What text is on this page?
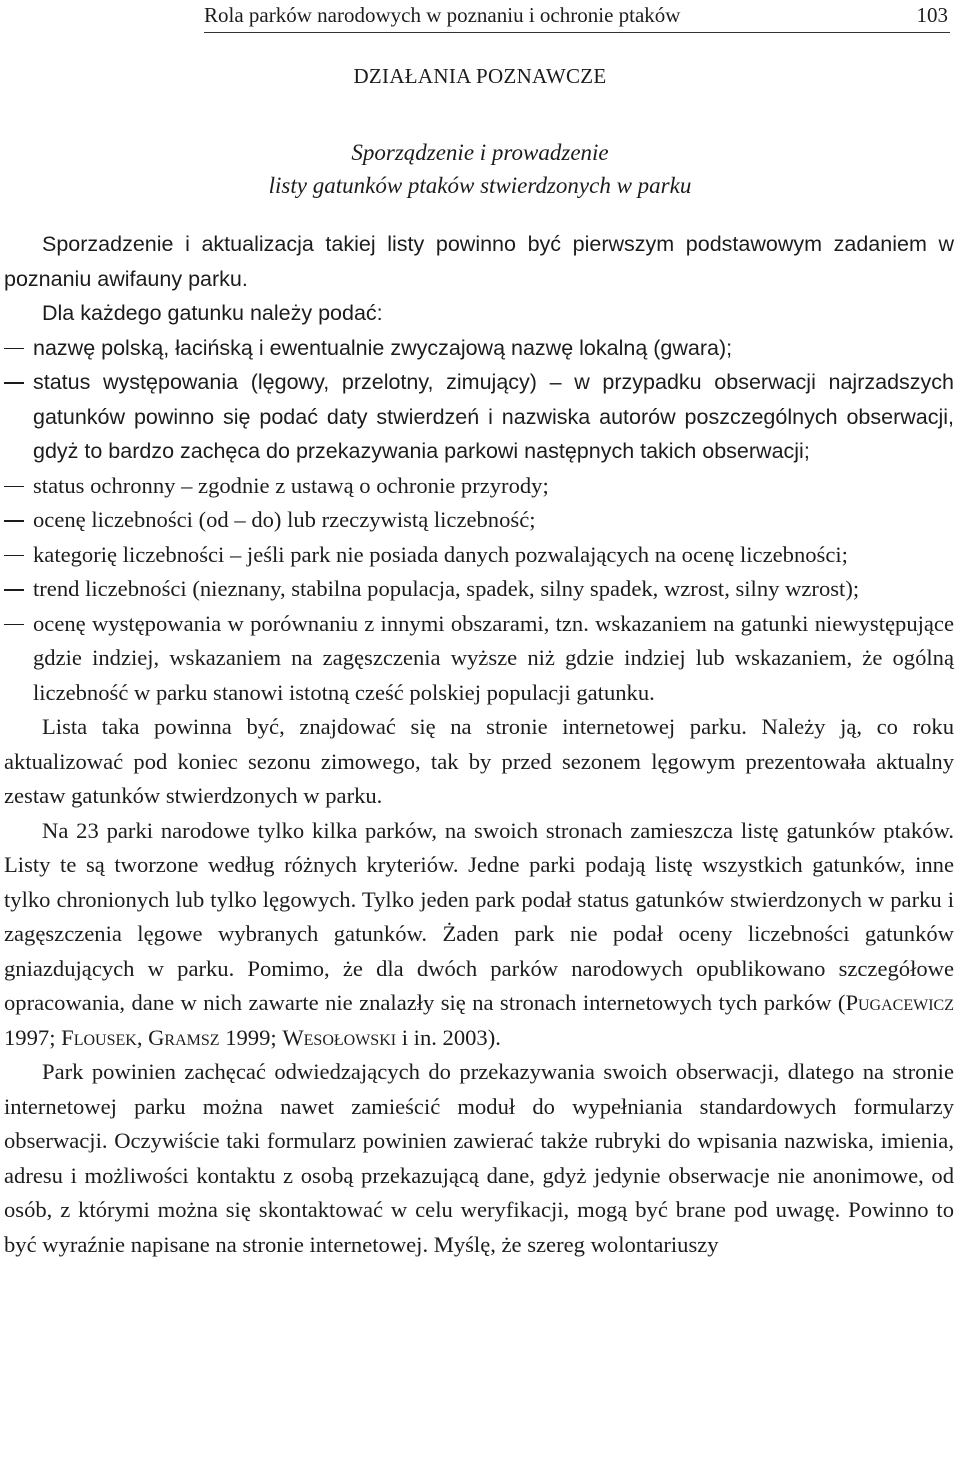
Rola parków narodowych w poznaniu i ochronie ptaków	103
DZIAŁANIA POZNAWCZE
Sporządzenie i prowadzenie
listy gatunków ptaków stwierdzonych w parku

Sporzadzenie i aktualizacja takiej listy powinno być pierwszym podstawowym zadaniem w poznaniu awifauny parku.

Dla każdego gatunku należy podać:

nazwę polską, łacińską i ewentualnie zwyczajową nazwę lokalną (gwara);
status występowania (lęgowy, przelotny, zimujący) – w przypadku obserwacji najrzadszych gatunków powinno się podać daty stwierdzeń i nazwiska autorów poszczególnych obserwacji, gdyż to bardzo zachęca do przekazywania parkowi następnych takich obserwacji;
status ochronny – zgodnie z ustawą o ochronie przyrody;
ocenę liczebności (od – do) lub rzeczywistą liczebność;
kategorię liczebności – jeśli park nie posiada danych pozwalających na ocenę liczebności;
trend liczebności (nieznany, stabilna populacja, spadek, silny spadek, wzrost, silny wzrost);
ocenę występowania w porównaniu z innymi obszarami, tzn. wskazaniem na gatunki niewystępujące gdzie indziej, wskazaniem na zagęszczenia wyższe niż gdzie indziej lub wskazaniem, że ogólną liczebność w parku stanowi istotną cześć polskiej populacji gatunku.

Lista taka powinna być, znajdować się na stronie internetowej parku. Należy ją, co roku aktualizować pod koniec sezonu zimowego, tak by przed sezonem lęgowym prezentowała aktualny zestaw gatunków stwierdzonych w parku.

Na 23 parki narodowe tylko kilka parków, na swoich stronach zamieszcza listę gatunków ptaków. Listy te są tworzone według różnych kryteriów. Jedne parki podają listę wszystkich gatunków, inne tylko chronionych lub tylko lęgowych. Tylko jeden park podał status gatunków stwierdzonych w parku i zagęszczenia lęgowe wybranych gatunków. Żaden park nie podał oceny liczebności gatunków gniazdujących w parku. Pomimo, że dla dwóch parków narodowych opublikowano szczegółowe opracowania, dane w nich zawarte nie znalazły się na stronach internetowych tych parków (Pugacewicz 1997; Flousek, Gramsz 1999; Wesołowski i in. 2003).

Park powinien zachęcać odwiedzających do przekazywania swoich obserwacji, dlatego na stronie internetowej parku można nawet zamieścić moduł do wypełniania standardowych formularzy obserwacji. Oczywiście taki formularz powinien zawierać także rubryki do wpisania nazwiska, imienia, adresu i możliwości kontaktu z osobą przekazującą dane, gdyż jedynie obserwacje nie anonimowe, od osób, z którymi można się skontaktować w celu weryfikacji, mogą być brane pod uwagę. Powinno to być wyraźnie napisane na stronie internetowej. Myślę, że szereg wolontariuszy
